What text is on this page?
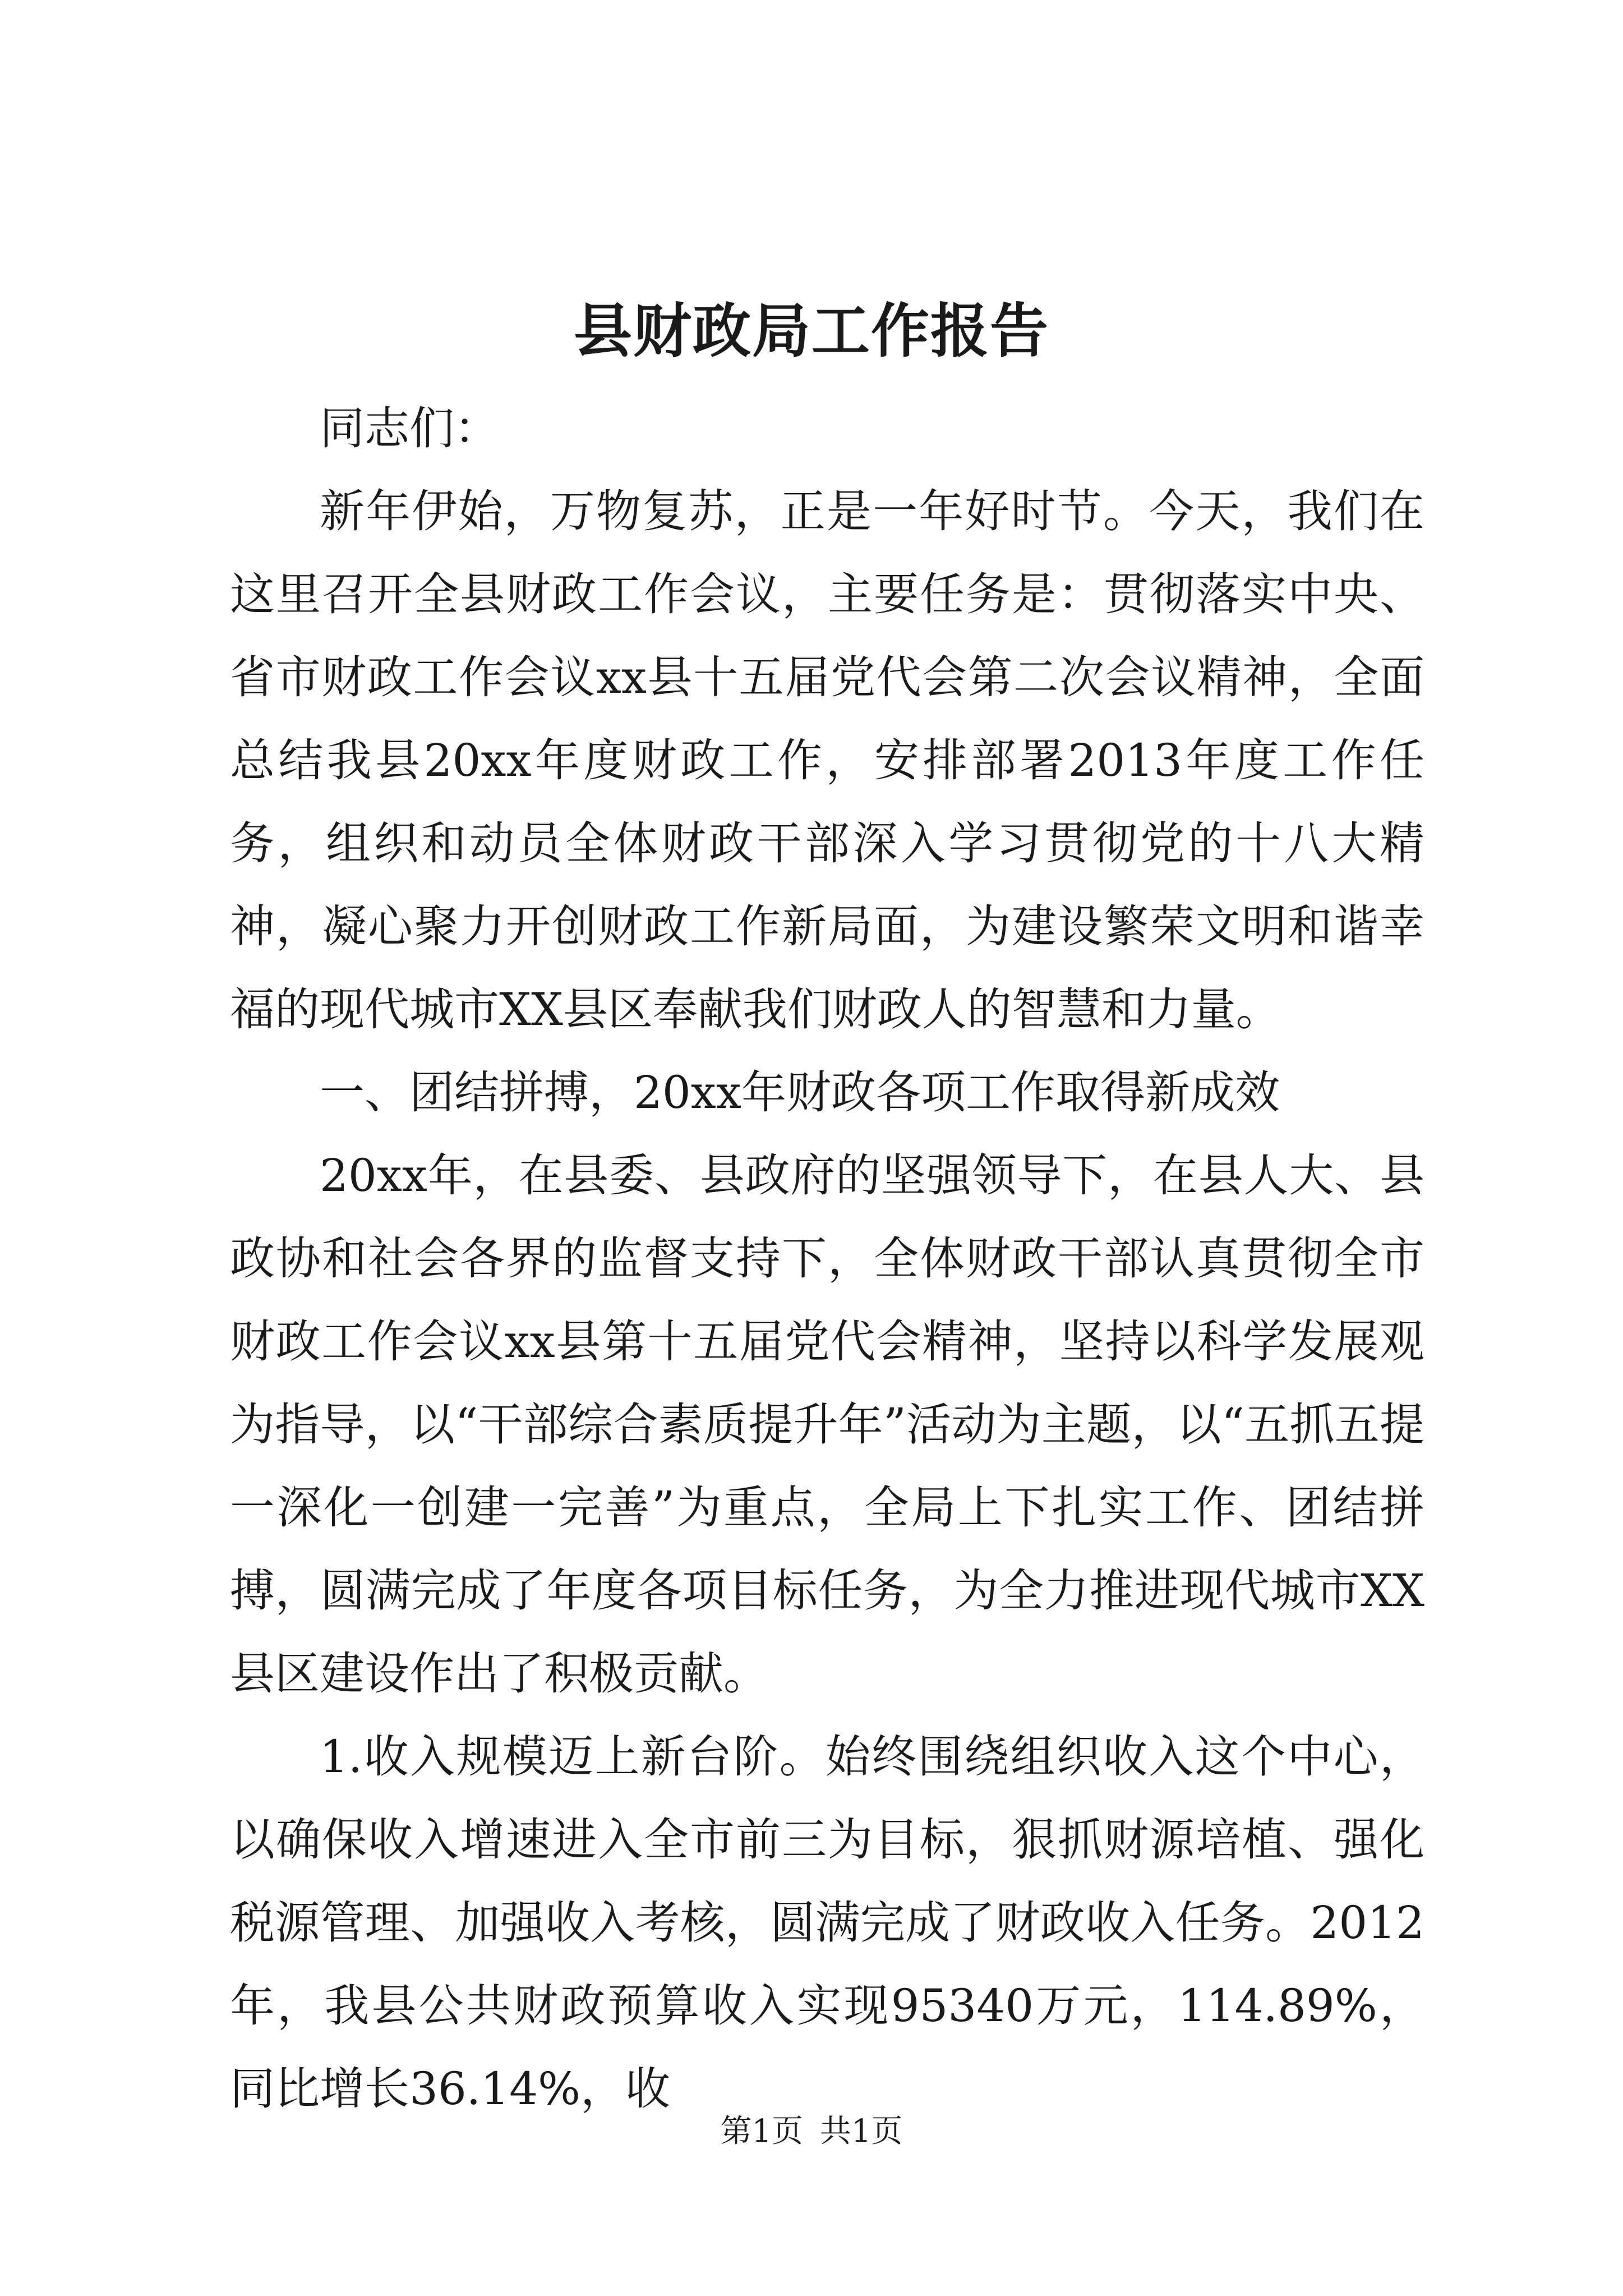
县财政局工作报告

同志们：

新年伊始，万物复苏，正是一年好时节。今天，我们在这里召开全县财政工作会议，主要任务是：贯彻落实中央、省市财政工作会议xx县十五届党代会第二次会议精神，全面总结我县20xx年度财政工作，安排部署2013年度工作任务，组织和动员全体财政干部深入学习贯彻党的十八大精神，凝心聚力开创财政工作新局面，为建设繁荣文明和谐幸福的现代城市XX县区奉献我们财政人的智慧和力量。

一、团结拼搏，20xx年财政各项工作取得新成效

20xx年，在县委、县政府的坚强领导下，在县人大、县政协和社会各界的监督支持下，全体财政干部认真贯彻全市财政工作会议xx县第十五届党代会精神，坚持以科学发展观为指导，以“干部综合素质提升年”活动为主题，以“五抓五提一深化一创建一完善”为重点，全局上下扎实工作、团结拼搏，圆满完成了年度各项目标任务，为全力推进现代城市XX县区建设作出了积极贡献。

1.收入规模迈上新台阶。始终围绕组织收入这个中心，以确保收入增速进入全市前三为目标，狠抓财源培植、强化税源管理、加强收入考核，圆满完成了财政收入任务。2012年，我县公共财政预算收入实现95340万元，114.89%，同比增长36.14%，收

第1页 共1页
